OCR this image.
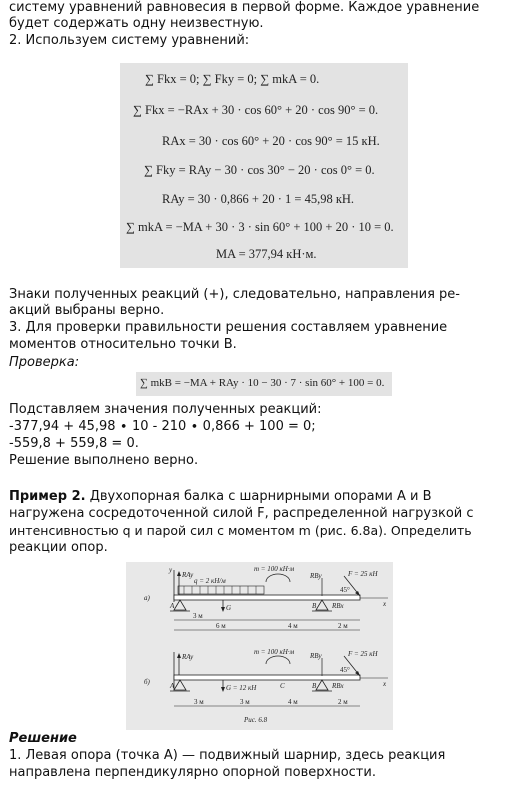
систему уравнений равновесия в первой форме. Каждое уравнение
будет содержать одну неизвестную.
2. Используем систему уравнений:
∑ Fkx = 0; ∑ Fky = 0; ∑ mkA = 0.
∑ Fkx = −RAx + 30 · cos 60° + 20 · cos 90° = 0.
RAx = 30 · cos 60° + 20 · cos 90° = 15 кН.
∑ Fky = RAy − 30 · cos 30° − 20 · cos 0° = 0.
RAy = 30 · 0,866 + 20 · 1 = 45,98 кН.
∑ mkA = −MA + 30 · 3 · sin 60° + 100 + 20 · 10 = 0.
MA = 377,94 кН·м.
Знаки полученных реакций (+), следовательно, направления ре-
акций выбраны верно.
3. Для проверки правильности решения составляем уравнение
моментов относительно точки B.
Проверка:
∑ mkB = −MA + RAy · 10 − 30 · 7 · sin 60° + 100 = 0.
Подставляем значения полученных реакций:
-377,94 + 45,98 ∙ 10 - 210 ∙ 0,866 + 100 = 0;
-559,8 + 559,8 = 0.
Решение выполнено верно.
Пример 2. Двухопорная балка с шарнирными опорами A и B
нагружена сосредоточенной силой F, распределенной нагрузкой с
интенсивностью q и парой сил с моментом m (рис. 6.8а). Определить
реакции опор.
а)
y
RAy
q = 2 кН/м
m = 100 кН·м
x
A	G	B
RBy
RBx
F = 25 кН
45°
3 м
6 м	4 м	2 м
б)
RAy
m = 100 кН·м
x
A	G = 12 кН	C	B
RBy
RBx
F = 25 кН
45°
3 м	3 м	4 м	2 м
Рис. 6.8
Решение
1. Левая опора (точка A) — подвижный шарнир, здесь реакция
направлена перпендикулярно опорной поверхности.
